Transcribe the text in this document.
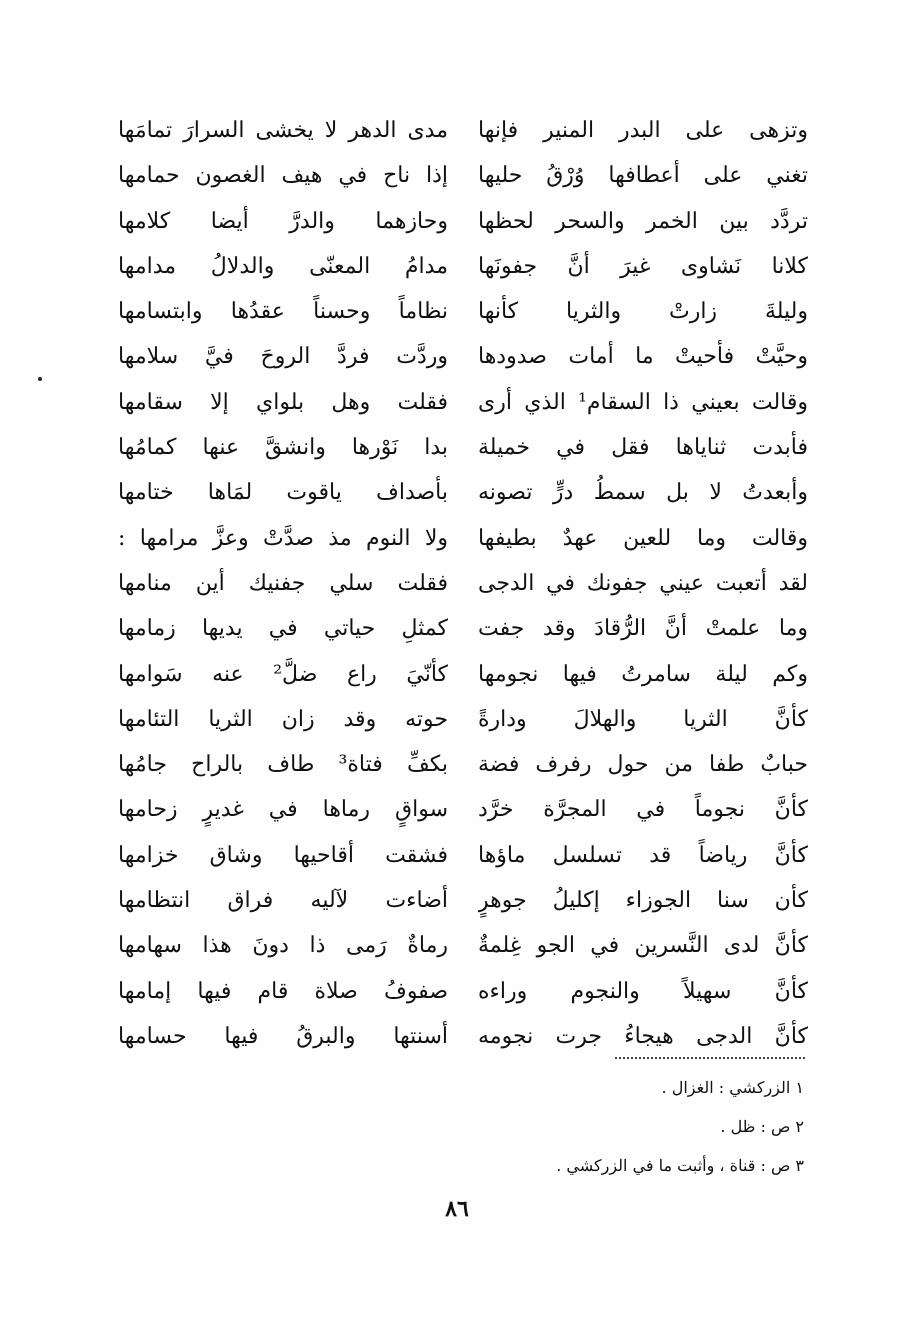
وتزهى على البدر المنير فإنها
مدى الدهر لا يخشى السرارَ تمامَها
تغني على أعطافها وُرْقُ حليها
إذا ناح في هيف الغصون حمامها
تردَّد بين الخمر والسحر لحظها
وحازهما والدرَّ أيضا كلامها
كلانا نَشاوى غيرَ أنَّ جفونَها
مدامُ المعنّى والدلالُ مدامها
وليلةَ زارتْ والثريا كأنها
نظاماً وحسناً عقدُها وابتسامها
وحيَّتْ فأحيتْ ما أمات صدودها
وردَّت فردَّ الروحَ فيَّ سلامها
وقالت بعيني ذا السقام¹ الذي أرى
فقلت وهل بلواي إلا سقامها
فأبدت ثناياها فقل في خميلة
بدا نَوْرها وانشقَّ عنها كمامُها
وأبعدتُ لا بل سمطُ درٍّ تصونه
بأصداف ياقوت لمَاها ختامها
وقالت وما للعين عهدٌ بطيفها
ولا النوم مذ صدَّتْ وعزَّ مرامها :
لقد أتعبت عيني جفونك في الدجى
فقلت سلي جفنيك أين منامها
وما علمتْ أنَّ الرُّقادَ وقد جفت
كمثلِ حياتي في يديها زمامها
وكم ليلة سامرتُ فيها نجومها
كأنّيَ راع ضلَّ² عنه سَوامها
كأنَّ الثريا والهلالَ ودارةً
حوته وقد زان الثريا التئامها
حبابٌ طفا من حول رفرف فضة
بكفِّ فتاة³ طاف بالراح جامُها
كأنَّ نجوماً في المجرَّة خرَّد
سواقٍ رماها في غديرٍ زحامها
كأنَّ رياضاً قد تسلسل ماؤها
فشقت أقاحيها وشاق خزامها
كأن سنا الجوزاء إكليلُ جوهرٍ
أضاءت لآليه فراق انتظامها
كأنَّ لدى النَّسرين في الجو غِلمةٌ
رماةٌ رَمى ذا دونَ هذا سهامها
كأنَّ سهيلاً والنجوم وراءه
صفوفُ صلاة قام فيها إمامها
كأنَّ الدجى هيجاءُ جرت نجومه
أسنتها والبرقُ فيها حسامها
١ الزركشي : الغزال .
٢ ص : ظل .
٣ ص : قناة ، وأثبت ما في الزركشي .
٨٦
